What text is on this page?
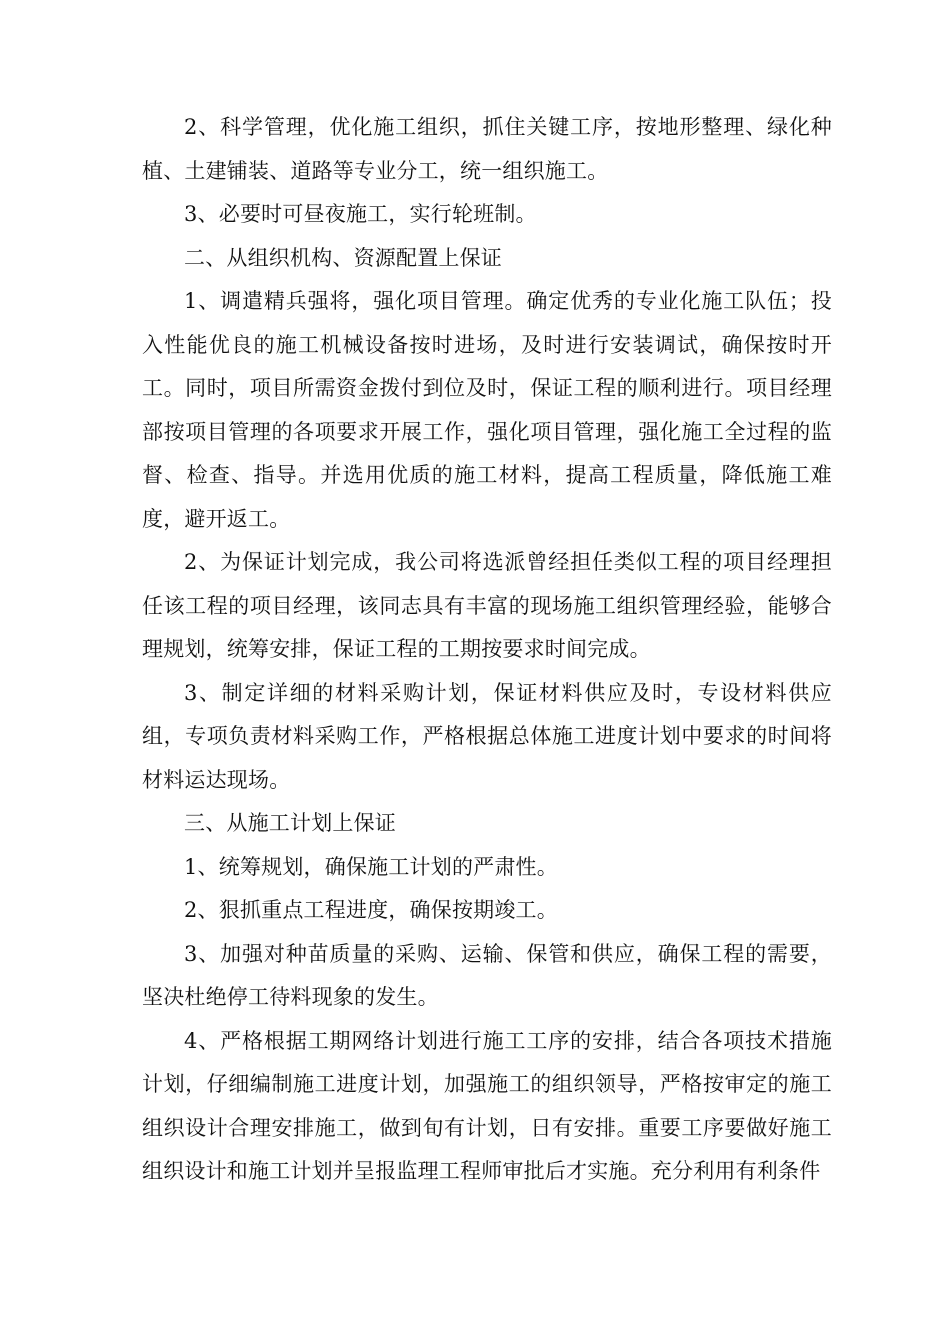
2、科学管理，优化施工组织，抓住关键工序，按地形整理、绿化种植、土建铺装、道路等专业分工，统一组织施工。

3、必要时可昼夜施工，实行轮班制。

二、从组织机构、资源配置上保证

1、调遣精兵强将，强化项目管理。确定优秀的专业化施工队伍；投入性能优良的施工机械设备按时进场，及时进行安装调试，确保按时开工。同时，项目所需资金拨付到位及时，保证工程的顺利进行。项目经理部按项目管理的各项要求开展工作，强化项目管理，强化施工全过程的监督、检查、指导。并选用优质的施工材料，提高工程质量，降低施工难度，避开返工。

2、为保证计划完成，我公司将选派曾经担任类似工程的项目经理担任该工程的项目经理，该同志具有丰富的现场施工组织管理经验，能够合理规划，统筹安排，保证工程的工期按要求时间完成。

3、制定详细的材料采购计划，保证材料供应及时，专设材料供应组，专项负责材料采购工作，严格根据总体施工进度计划中要求的时间将材料运达现场。

三、从施工计划上保证

1、统筹规划，确保施工计划的严肃性。

2、狠抓重点工程进度，确保按期竣工。

3、加强对种苗质量的采购、运输、保管和供应，确保工程的需要，坚决杜绝停工待料现象的发生。

4、严格根据工期网络计划进行施工工序的安排，结合各项技术措施计划，仔细编制施工进度计划，加强施工的组织领导，严格按审定的施工组织设计合理安排施工，做到旬有计划，日有安排。重要工序要做好施工组织设计和施工计划并呈报监理工程师审批后才实施。充分利用有利条件
